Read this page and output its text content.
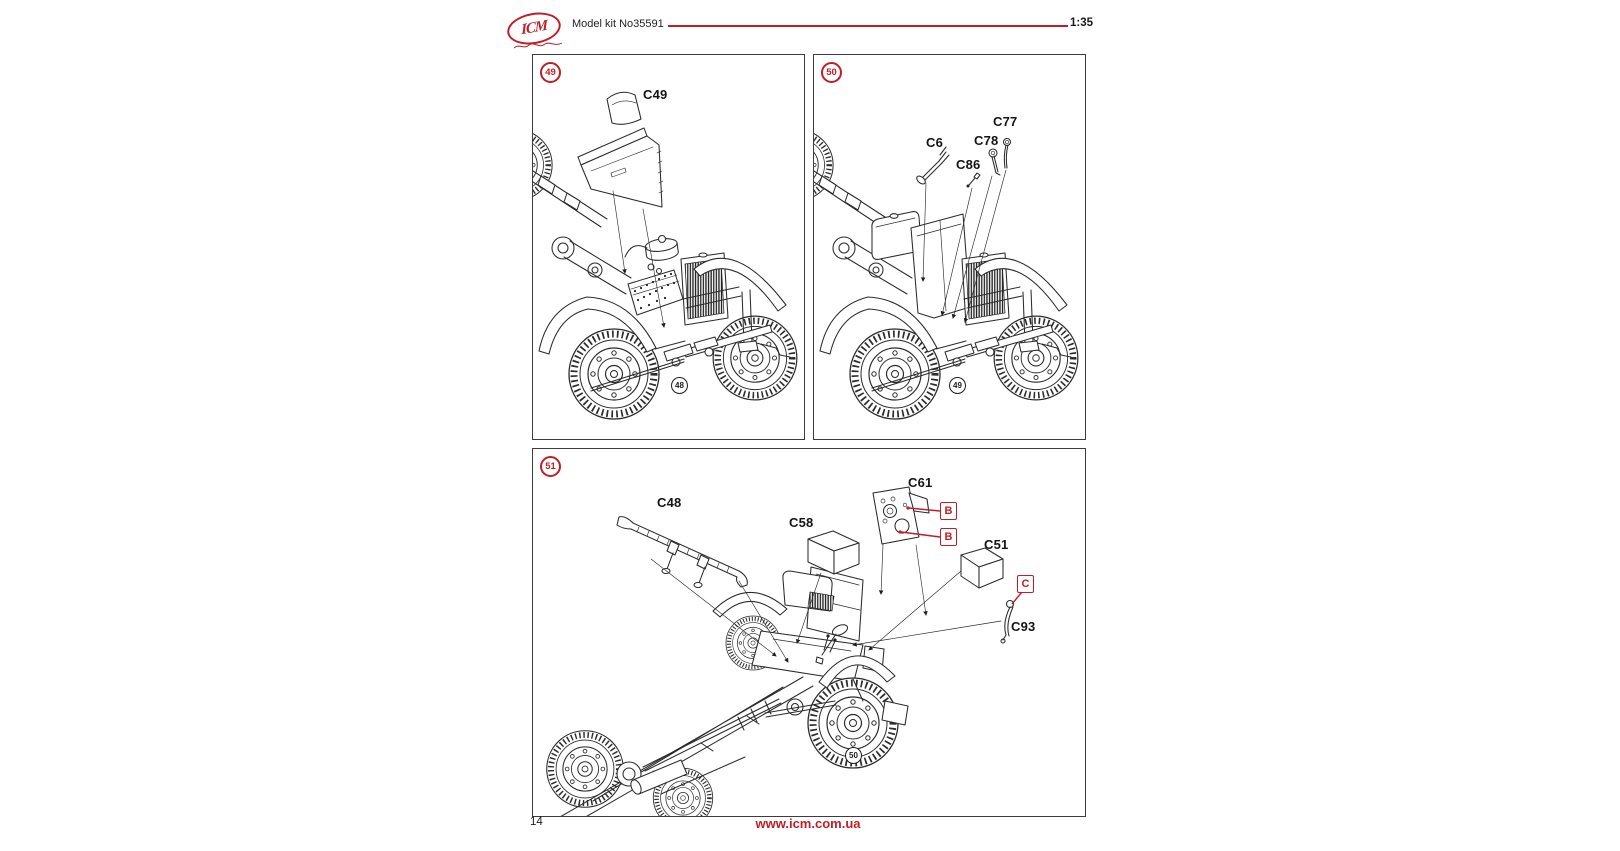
ICM Model kit No35591	1:35
49
C49
48
50
C6
C86
C78
C77
49
51
C48
C58
C61
C51
C93
B
B
C
50
14	www.icm.com.ua
